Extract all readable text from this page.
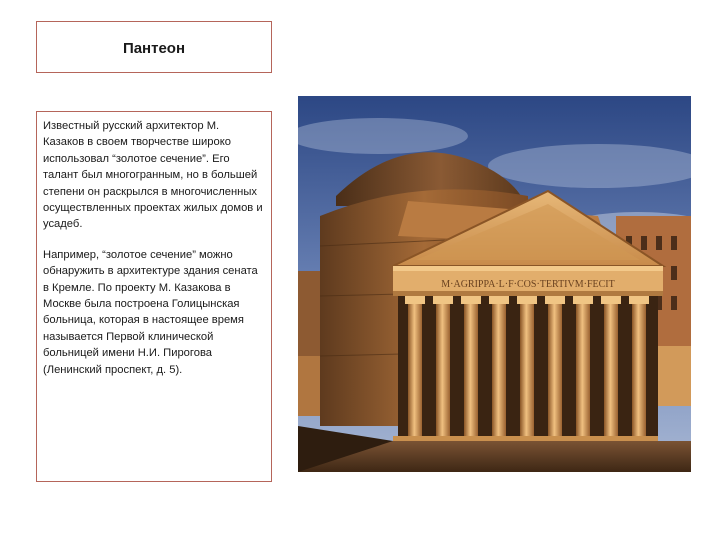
Пантеон

Известный русский архитектор М. Казаков в своем творчестве широко использовал “золотое сечение”. Его талант был многогранным, но в большей степени он раскрылся в многочисленных осуществленных проектах жилых домов и усадеб.

Например, “золотое сечение” можно обнаружить в архитектуре здания сената в Кремле. По проекту М. Казакова в Москве была построена Голицынская больница, которая в настоящее время называется Первой клинической больницей имени Н.И. Пирогова (Ленинский проспект, д. 5).

M·AGRIPPA·L·F·COS·TERTIVM·FECIT
